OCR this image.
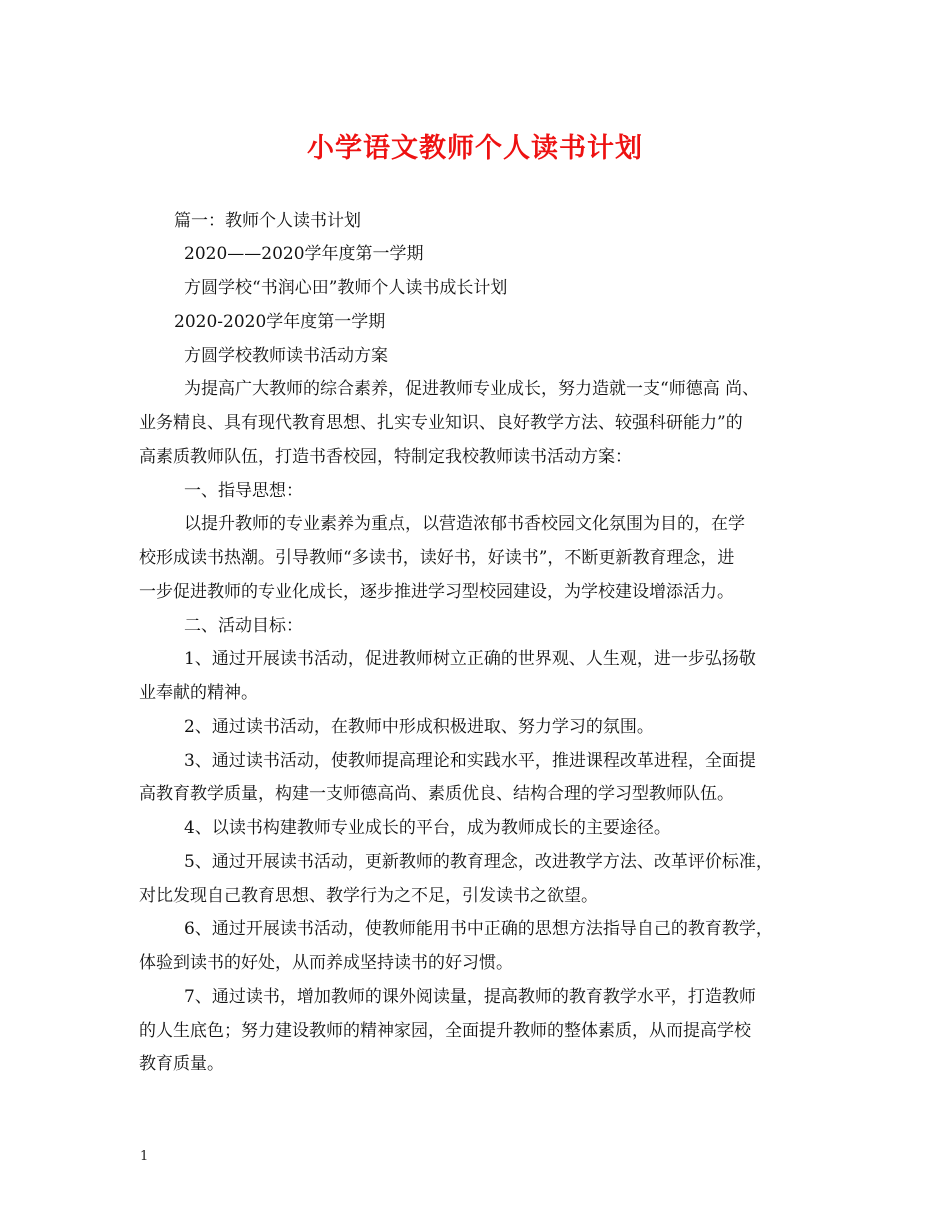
小学语文教师个人读书计划

篇一：教师个人读书计划

2020——2020学年度第一学期

方圆学校“书润心田”教师个人读书成长计划

2020-2020学年度第一学期

方圆学校教师读书活动方案

为提高广大教师的综合素养，促进教师专业成长，努力造就一支“师德高 尚、

业务精良、具有现代教育思想、扎实专业知识、良好教学方法、较强科研能力”的

高素质教师队伍，打造书香校园，特制定我校教师读书活动方案：

一、指导思想：

以提升教师的专业素养为重点，以营造浓郁书香校园文化氛围为目的，在学

校形成读书热潮。引导教师“多读书，读好书，好读书”，不断更新教育理念，进

一步促进教师的专业化成长，逐步推进学习型校园建设，为学校建设增添活力。

二、活动目标：

1、通过开展读书活动，促进教师树立正确的世界观、人生观，进一步弘扬敬

业奉献的精神。

2、通过读书活动，在教师中形成积极进取、努力学习的氛围。

3、通过读书活动，使教师提高理论和实践水平，推进课程改革进程，全面提

高教育教学质量，构建一支师德高尚、素质优良、结构合理的学习型教师队伍。

4、以读书构建教师专业成长的平台，成为教师成长的主要途径。

5、通过开展读书活动，更新教师的教育理念，改进教学方法、改革评价标准，

对比发现自己教育思想、教学行为之不足，引发读书之欲望。

6、通过开展读书活动，使教师能用书中正确的思想方法指导自己的教育教学，

体验到读书的好处，从而养成坚持读书的好习惯。

7、通过读书，增加教师的课外阅读量，提高教师的教育教学水平，打造教师

的人生底色；努力建设教师的精神家园，全面提升教师的整体素质，从而提高学校

教育质量。

1
